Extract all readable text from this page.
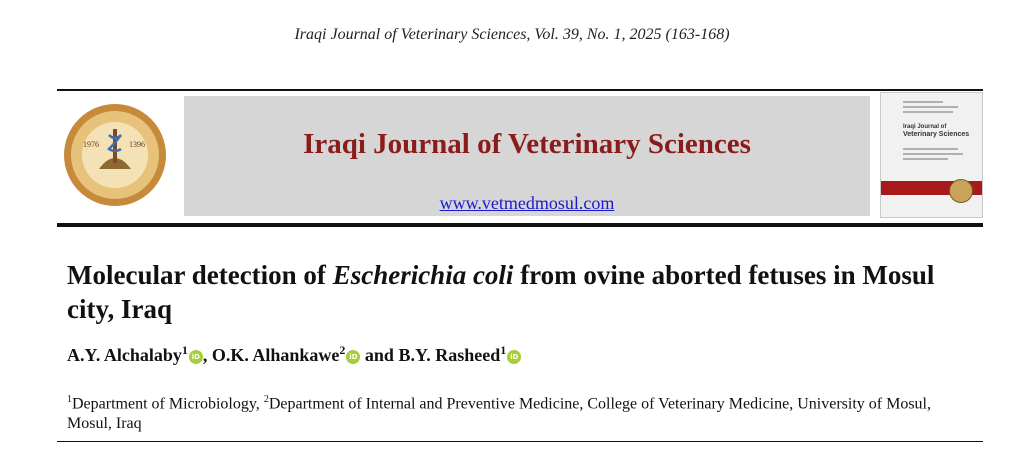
Iraqi Journal of Veterinary Sciences, Vol. 39, No. 1, 2025 (163-168)
1976	1396	Iraqi Journal of Veterinary Sciences
www.vetmedmosul.com
Iraqi Journal of
Veterinary Sciences
Molecular detection of Escherichia coli from ovine aborted fetuses in Mosul city, Iraq
A.Y. Alchalaby$^1$ iD , O.K. Alhankawe$^2$ iD and B.Y. Rasheed$^1$ iD
$^1$Department of Microbiology, $^2$Department of Internal and Preventive Medicine, College of Veterinary Medicine, University of Mosul, Mosul, Iraq
